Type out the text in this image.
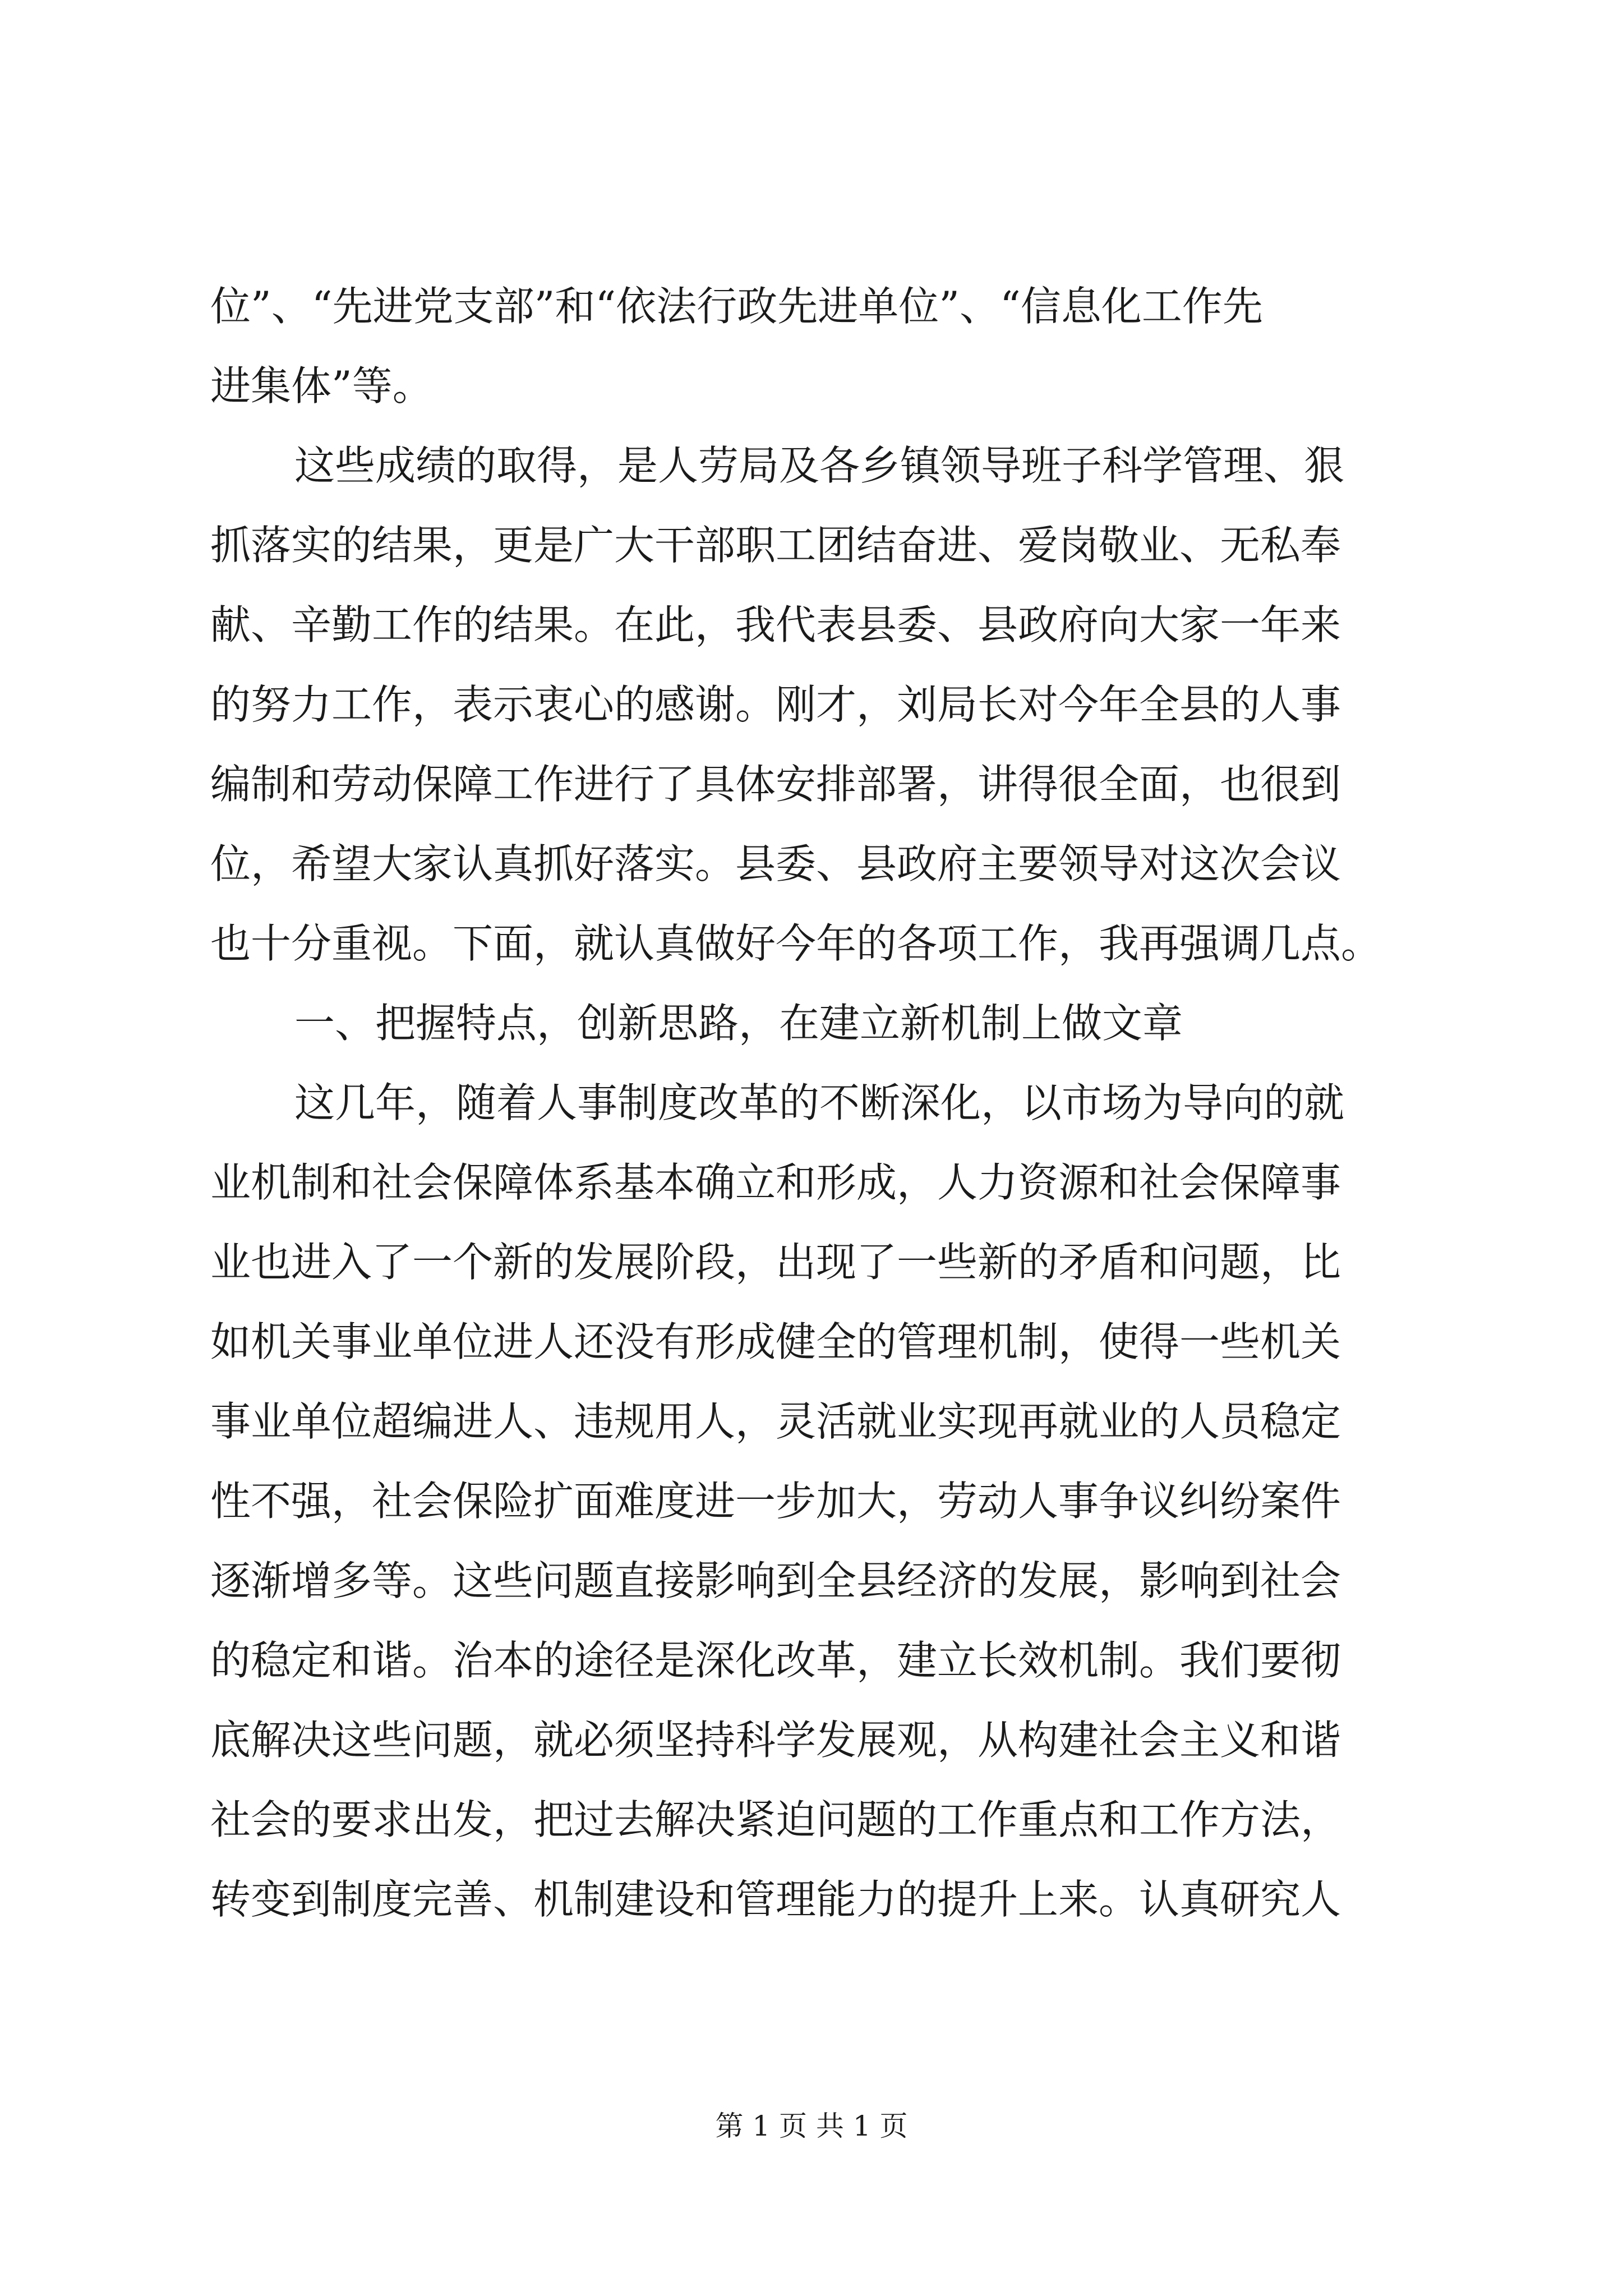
位”、“先进党支部”和“依法行政先进单位”、“信息化工作先
进集体”等。
这些成绩的取得，是人劳局及各乡镇领导班子科学管理、狠
抓落实的结果，更是广大干部职工团结奋进、爱岗敬业、无私奉
献、辛勤工作的结果。在此，我代表县委、县政府向大家一年来
的努力工作，表示衷心的感谢。刚才，刘局长对今年全县的人事
编制和劳动保障工作进行了具体安排部署，讲得很全面，也很到
位，希望大家认真抓好落实。县委、县政府主要领导对这次会议
也十分重视。下面，就认真做好今年的各项工作，我再强调几点。
一、把握特点，创新思路，在建立新机制上做文章
这几年，随着人事制度改革的不断深化，以市场为导向的就
业机制和社会保障体系基本确立和形成，人力资源和社会保障事
业也进入了一个新的发展阶段，出现了一些新的矛盾和问题，比
如机关事业单位进人还没有形成健全的管理机制，使得一些机关
事业单位超编进人、违规用人，灵活就业实现再就业的人员稳定
性不强，社会保险扩面难度进一步加大，劳动人事争议纠纷案件
逐渐增多等。这些问题直接影响到全县经济的发展，影响到社会
的稳定和谐。治本的途径是深化改革，建立长效机制。我们要彻
底解决这些问题，就必须坚持科学发展观，从构建社会主义和谐
社会的要求出发，把过去解决紧迫问题的工作重点和工作方法，
转变到制度完善、机制建设和管理能力的提升上来。认真研究人
第 1 页 共 1 页
